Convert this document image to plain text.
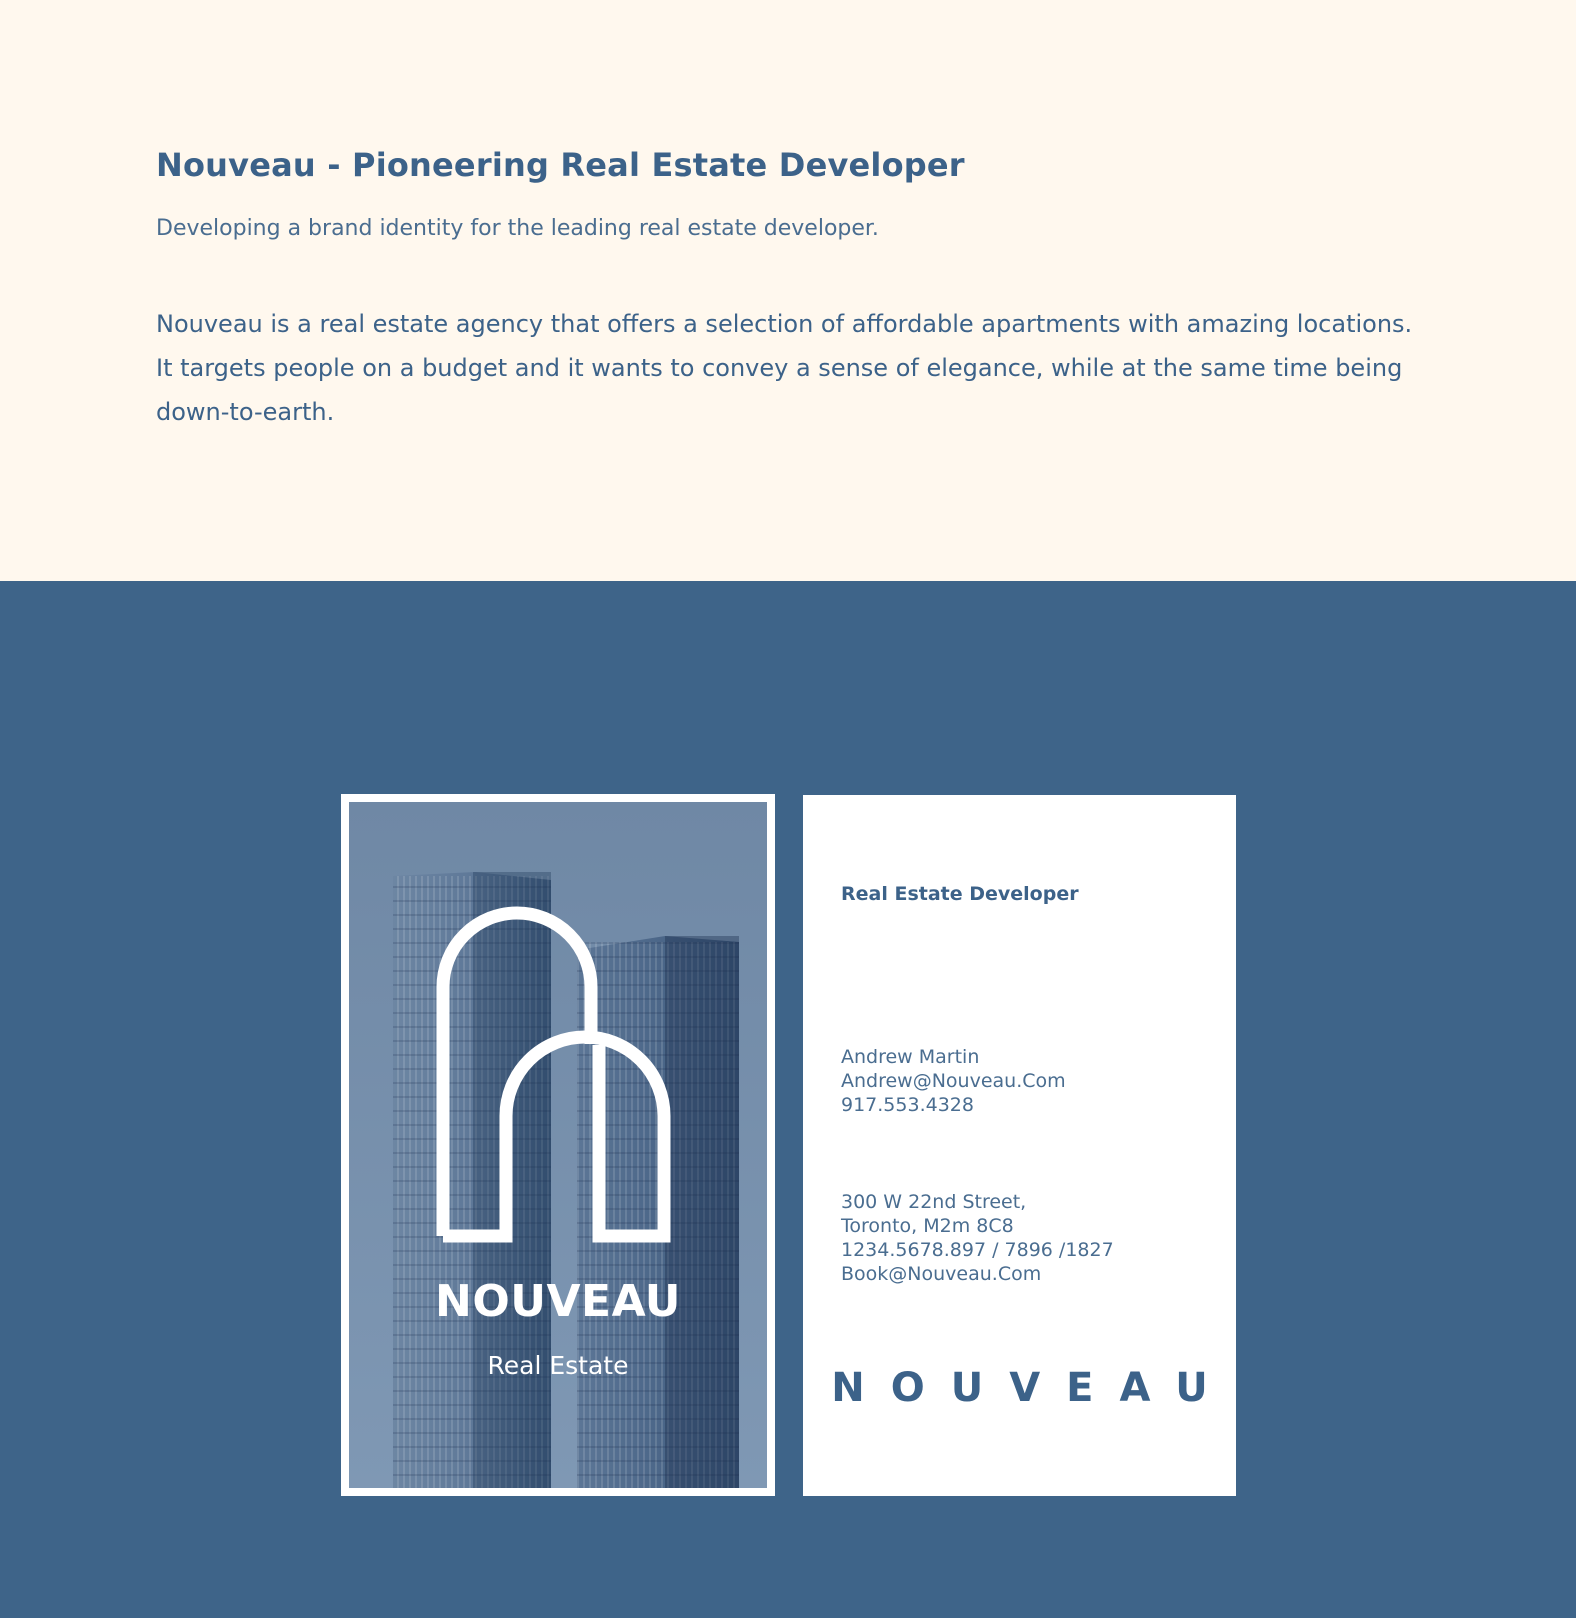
Nouveau - Pioneering Real Estate Developer
Developing a brand identity for the leading real estate developer.

Nouveau is a real estate agency that offers a selection of affordable apartments with amazing locations. It targets people on a budget and it wants to convey a sense of elegance, while at the same time being down-to-earth.

NOUVEAU
Real Estate

Real Estate Developer

Andrew Martin
Andrew@Nouveau.Com
917.553.4328

300 W 22nd Street,
Toronto, M2m 8C8
1234.5678.897 / 7896 /1827
Book@Nouveau.Com

NOUVEAU
